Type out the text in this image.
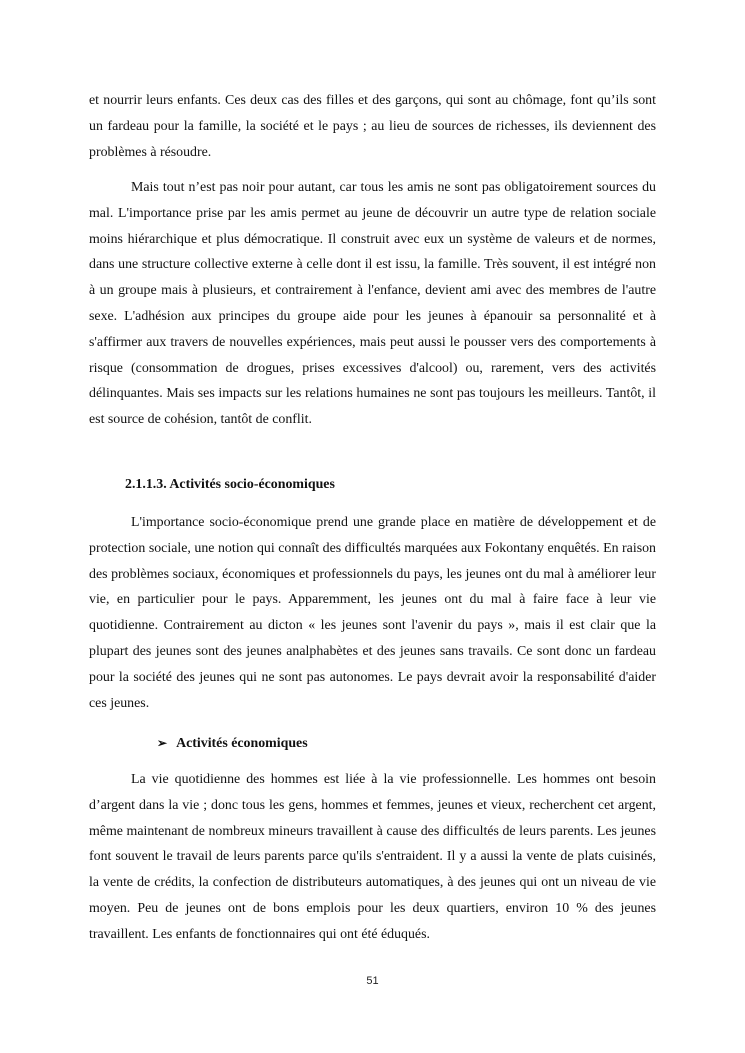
et nourrir leurs enfants. Ces deux cas des filles et des garçons, qui sont au chômage, font qu’ils sont un fardeau pour la famille, la société et le pays ; au lieu de sources de richesses, ils deviennent des problèmes à résoudre.

Mais tout n’est pas noir pour autant, car tous les amis ne sont pas obligatoirement sources du mal. L'importance prise par les amis permet au jeune de découvrir un autre type de relation sociale moins hiérarchique et plus démocratique. Il construit avec eux un système de valeurs et de normes, dans une structure collective externe à celle dont il est issu, la famille. Très souvent, il est intégré non à un groupe mais à plusieurs, et contrairement à l'enfance, devient ami avec des membres de l'autre sexe. L'adhésion aux principes du groupe aide pour les jeunes à épanouir sa personnalité et à s'affirmer aux travers de nouvelles expériences, mais peut aussi le pousser vers des comportements à risque (consommation de drogues, prises excessives d'alcool) ou, rarement, vers des activités délinquantes. Mais ses impacts sur les relations humaines ne sont pas toujours les meilleurs. Tantôt, il est source de cohésion, tantôt de conflit.

2.1.1.3. Activités socio-économiques

L'importance socio-économique prend une grande place en matière de développement et de protection sociale, une notion qui connaît des difficultés marquées aux Fokontany enquêtés. En raison des problèmes sociaux, économiques et professionnels du pays, les jeunes ont du mal à améliorer leur vie, en particulier pour le pays. Apparemment, les jeunes ont du mal à faire face à leur vie quotidienne. Contrairement au dicton « les jeunes sont l'avenir du pays », mais il est clair que la plupart des jeunes sont des jeunes analphabètes et des jeunes sans travails. Ce sont donc un fardeau pour la société des jeunes qui ne sont pas autonomes. Le pays devrait avoir la responsabilité d'aider ces jeunes.

➢ Activités économiques

La vie quotidienne des hommes est liée à la vie professionnelle. Les hommes ont besoin d’argent dans la vie ; donc tous les gens, hommes et femmes, jeunes et vieux, recherchent cet argent, même maintenant de nombreux mineurs travaillent à cause des difficultés de leurs parents. Les jeunes font souvent le travail de leurs parents parce qu'ils s'entraident. Il y a aussi la vente de plats cuisinés, la vente de crédits, la confection de distributeurs automatiques, à des jeunes qui ont un niveau de vie moyen. Peu de jeunes ont de bons emplois pour les deux quartiers, environ 10 % des jeunes travaillent. Les enfants de fonctionnaires qui ont été éduqués.

51
